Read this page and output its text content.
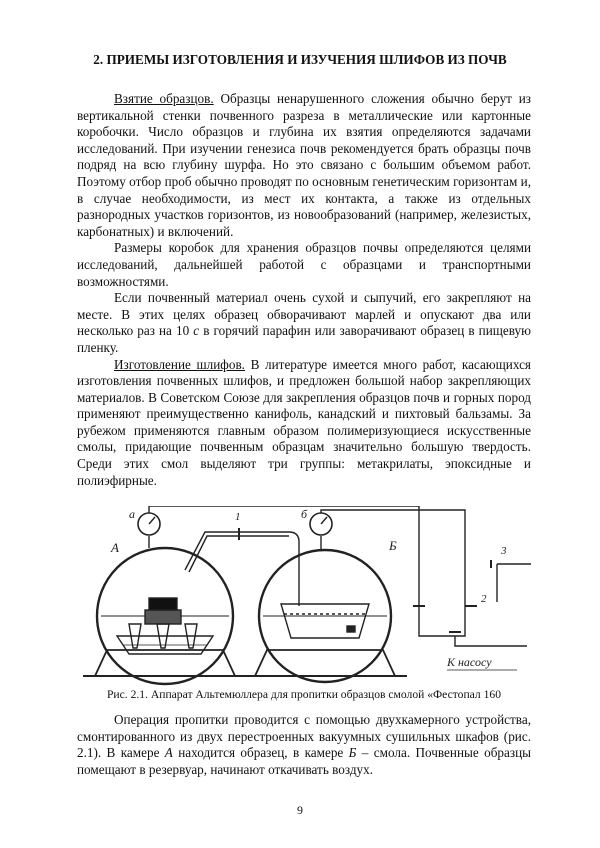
2. ПРИЕМЫ ИЗГОТОВЛЕНИЯ И ИЗУЧЕНИЯ ШЛИФОВ ИЗ ПОЧВ

Взятие образцов. Образцы ненарушенного сложения обычно берут из вертикальной стенки почвенного разреза в металлические или картонные коробочки. Число образцов и глубина их взятия определяются задачами исследований. При изучении генезиса почв рекомендуется брать образцы почв подряд на всю глубину шурфа. Но это связано с большим объемом работ. Поэтому отбор проб обычно проводят по основным генетическим горизонтам и, в случае необходимости, из мест их контакта, а также из отдельных разнородных участков горизонтов, из новообразований (например, железистых, карбонатных) и включений.

Размеры коробок для хранения образцов почвы определяются целями исследований, дальнейшей работой с образцами и транспортными возможностями.

Если почвенный материал очень сухой и сыпучий, его закрепляют на месте. В этих целях образец обворачивают марлей и опускают два или несколько раз на 10 с в горячий парафин или заворачивают образец в пищевую пленку.

Изготовление шлифов. В литературе имеется много работ, касающихся изготовления почвенных шлифов, и предложен большой набор закрепляющих материалов. В Советском Союзе для закрепления образцов почв и горных пород применяют преимущественно канифоль, канадский и пихтовый бальзамы. За рубежом применяются главным образом полимеризующиеся искусственные смолы, придающие почвенным образцам значительно большую твердость. Среди этих смол выделяют три группы: метакрилаты, эпоксидные и полиэфирные.

а
А
б
Б
1
2
3
К насосу
Рис. 2.1. Аппарат Альтемюллера для пропитки образцов смолой «Фестопал 160

Операция пропитки проводится с помощью двухкамерного устройства, смонтированного из двух перестроенных вакуумных сушильных шкафов (рис. 2.1). В камере А находится образец, в камере Б – смола. Почвенные образцы помещают в резервуар, начинают откачивать воздух.

9
